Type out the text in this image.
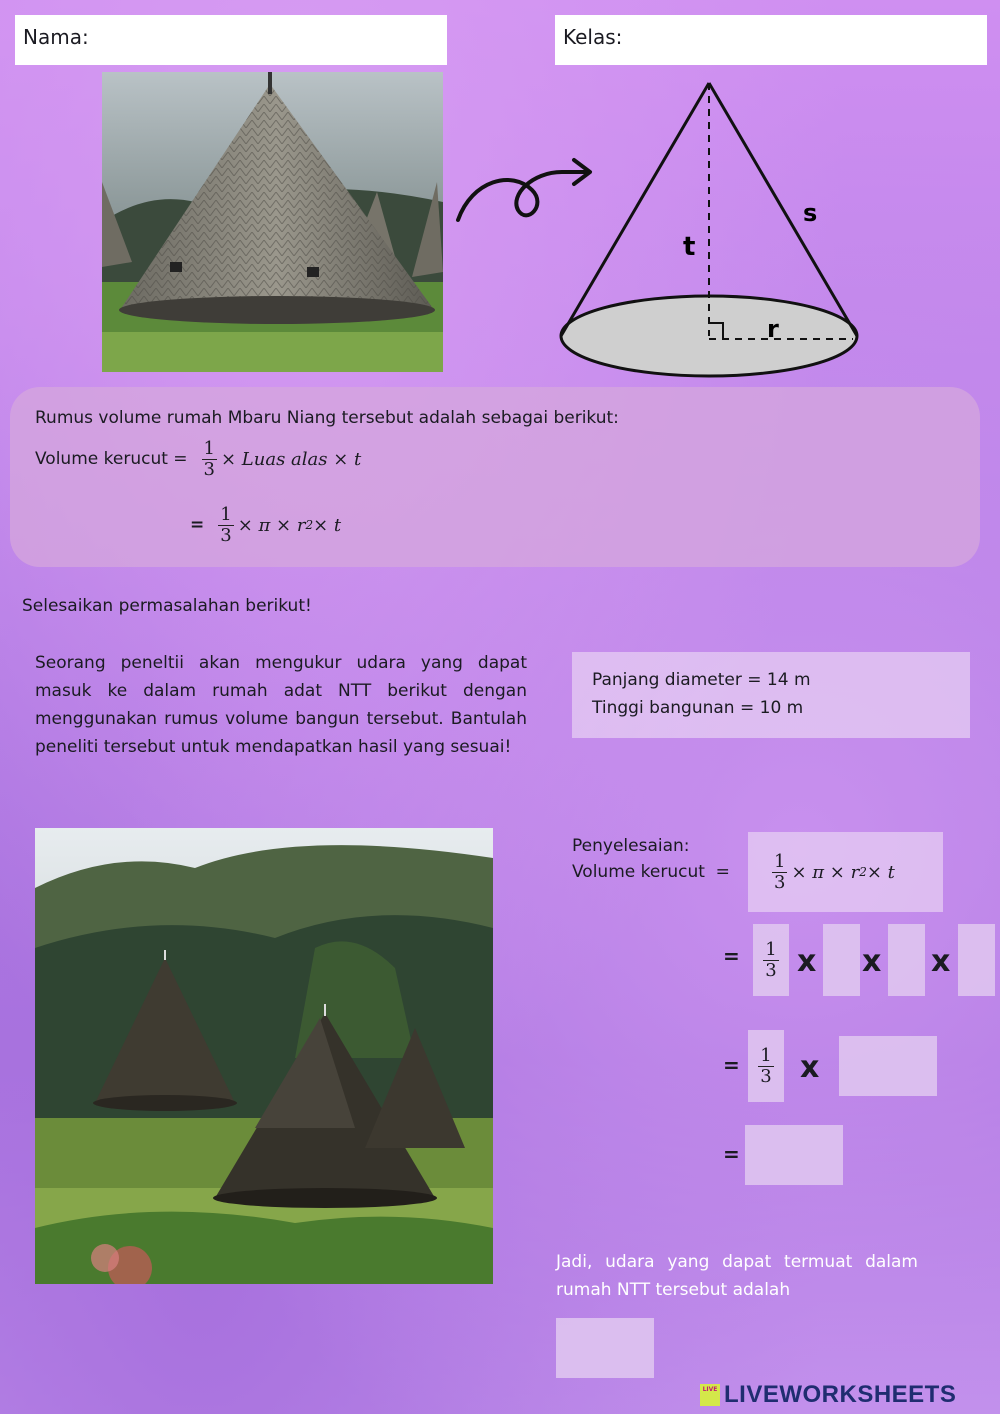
Nama:	Kelas:
s
t
r
Rumus volume rumah Mbaru Niang tersebut adalah sebagai berikut:
Volume kerucut = $\frac{1}{3}$ × Luas alas × t
= $\frac{1}{3} \times \pi \times r$ 2 × t
Selesaikan permasalahan berikut!
Seorang peneltii akan mengukur udara yang dapat masuk ke dalam rumah adat NTT berikut dengan menggunakan rumus volume bangun tersebut. Bantulah peneliti tersebut untuk mendapatkan hasil yang sesuai!
Panjang diameter = 14 m
Tinggi bangunan = 10 m
Penyelesaian:
Volume kerucut  = $\frac{1}{3} \times \pi \times r$ 2 × t
= $\frac{1}{3}$ x x x
= $\frac{1}{3}$ x
=
Jadi, udara yang dapat termuat dalam rumah NTT tersebut adalah
LIVE LIVEWORKSHEETS
